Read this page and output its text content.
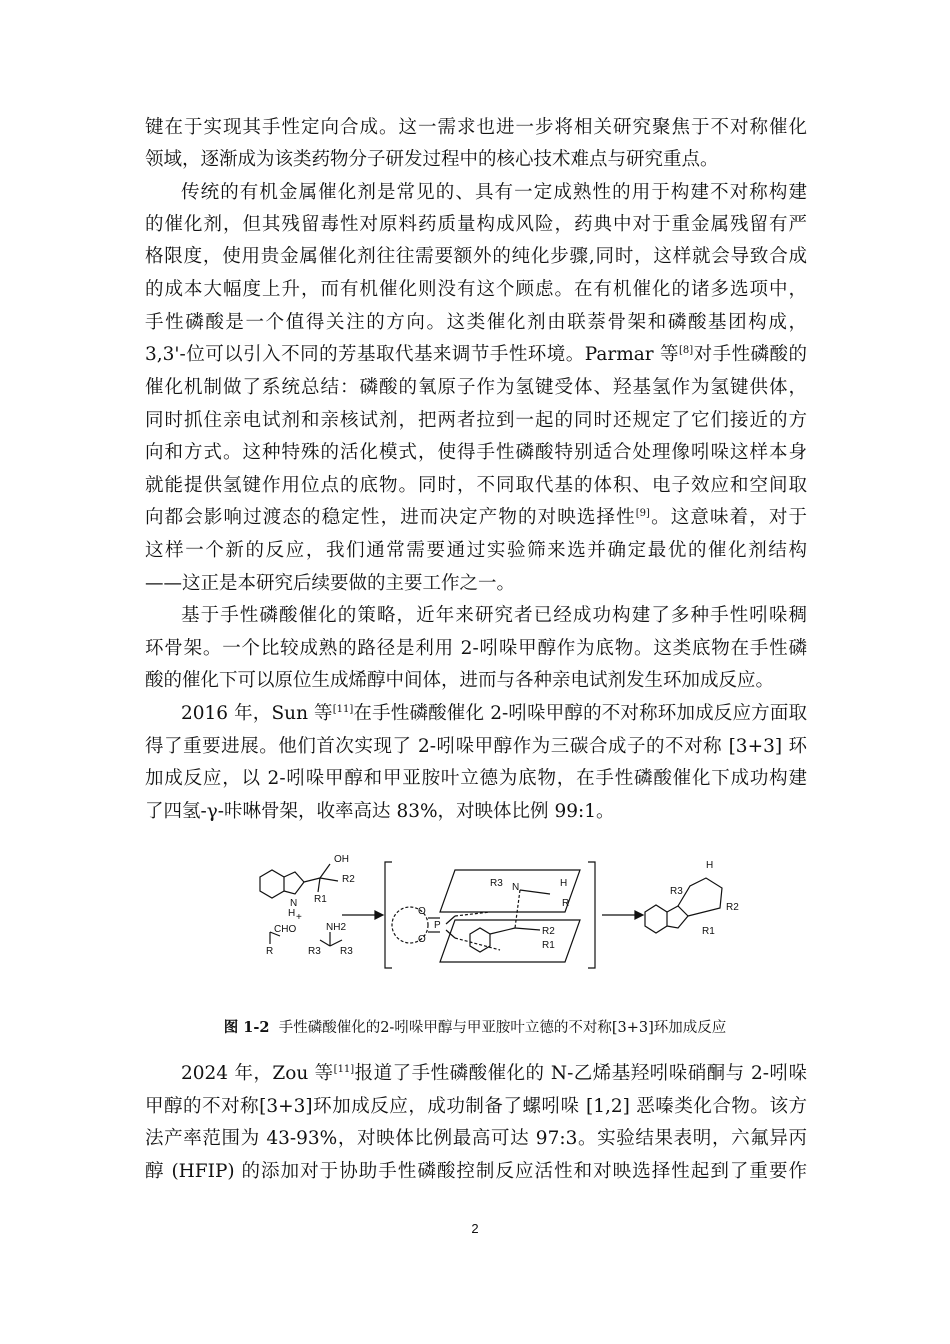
键在于实现其手性定向合成。这一需求也进一步将相关研究聚焦于不对称催化
领域，逐渐成为该类药物分子研发过程中的核心技术难点与研究重点。
传统的有机金属催化剂是常见的、具有一定成熟性的用于构建不对称构建
的催化剂，但其残留毒性对原料药质量构成风险，药典中对于重金属残留有严
格限度，使用贵金属催化剂往往需要额外的纯化步骤,同时，这样就会导致合成
的成本大幅度上升，而有机催化则没有这个顾虑。在有机催化的诸多选项中，
手性磷酸是一个值得关注的方向。这类催化剂由联萘骨架和磷酸基团构成，
3,3'-位可以引入不同的芳基取代基来调节手性环境。Parmar 等[8]对手性磷酸的
催化机制做了系统总结：磷酸的氧原子作为氢键受体、羟基氢作为氢键供体，
同时抓住亲电试剂和亲核试剂，把两者拉到一起的同时还规定了它们接近的方
向和方式。这种特殊的活化模式，使得手性磷酸特别适合处理像吲哚这样本身
就能提供氢键作用位点的底物。同时，不同取代基的体积、电子效应和空间取
向都会影响过渡态的稳定性，进而决定产物的对映选择性[9]。这意味着，对于
这样一个新的反应，我们通常需要通过实验筛来选并确定最优的催化剂结构
——这正是本研究后续要做的主要工作之一。
基于手性磷酸催化的策略，近年来研究者已经成功构建了多种手性吲哚稠
环骨架。一个比较成熟的路径是利用 2-吲哚甲醇作为底物。这类底物在手性磷
酸的催化下可以原位生成烯醇中间体，进而与各种亲电试剂发生环加成反应。
2016 年，Sun 等[11]在手性磷酸催化 2-吲哚甲醇的不对称环加成反应方面取
得了重要进展。他们首次实现了 2-吲哚甲醇作为三碳合成子的不对称 [3+3] 环
加成反应，以 2-吲哚甲醇和甲亚胺叶立德为底物，在手性磷酸催化下成功构建
了四氢-γ-咔啉骨架，收率高达 83%，对映体比例 99:1。
OH
R2
R1
N
H +
CHO
R
NH2
R3 R3
P
O
O
R3 N	H
R
R2
R1
R3
H
R2
R1
图 1-2 手性磷酸催化的2-吲哚甲醇与甲亚胺叶立德的不对称[3+3]环加成反应
2024 年，Zou 等[11]报道了手性磷酸催化的 N-乙烯基羟吲哚硝酮与 2-吲哚
甲醇的不对称[3+3]环加成反应，成功制备了螺吲哚 [1,2] 恶嗪类化合物。该方
法产率范围为 43-93%，对映体比例最高可达 97:3。实验结果表明，六氟异丙
醇 (HFIP) 的添加对于协助手性磷酸控制反应活性和对映选择性起到了重要作
2
